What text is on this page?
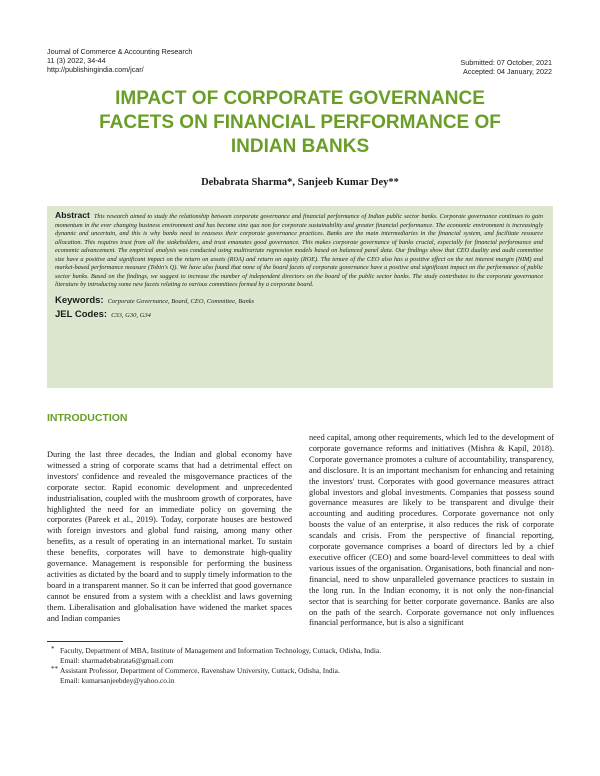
Journal of Commerce & Accounting Research
11 (3) 2022, 34-44
http://publishingindia.com/jcar/
Submitted: 07 October, 2021
Accepted: 04 January, 2022
IMPACT OF CORPORATE GOVERNANCE
FACETS ON FINANCIAL PERFORMANCE OF
INDIAN BANKS
Debabrata Sharma*, Sanjeeb Kumar Dey**
Abstract This research aimed to study the relationship between corporate governance and financial performance of Indian public sector banks. Corporate governance continues to gain momentum in the ever changing business environment and has become sine qua non for corporate sustainability and greater financial performance. The economic environment is increasingly dynamic and uncertain, and this is why banks need to reassess their corporate governance practices. Banks are the main intermediaries in the financial system, and facilitate resource allocation. This requires trust from all the stakeholders, and trust emanates good governance. This makes corporate governance of banks crucial, especially for financial performance and economic advancement. The empirical analysis was conducted using multivariate regression models based on balanced panel data. Our findings show that CEO duality and audit committee size have a positive and significant impact on the return on assets (ROA) and return on equity (ROE). The tenure of the CEO also has a positive effect on the net interest margin (NIM) and market-based performance measure (Tobin's Q). We have also found that none of the board facets of corporate governance have a positive and significant impact on the performance of public sector banks. Based on the findings, we suggest to increase the number of independent directors on the board of the public sector banks. The study contributes to the corporate governance literature by introducing some new facets relating to various committees formed by a corporate board.
Keywords: Corporate Governance, Board, CEO, Committee, Banks
JEL Codes: C33, G30, G34
INTRODUCTION
During the last three decades, the Indian and global economy have witnessed a string of corporate scams that had a detrimental effect on investors' confidence and revealed the misgovernance practices of the corporate sector. Rapid economic development and unprecedented industrialisation, coupled with the mushroom growth of corporates, have highlighted the need for an immediate policy on governing the corporates (Pareek et al., 2019). Today, corporate houses are bestowed with foreign investors and global fund raising, among many other benefits, as a result of operating in an international market. To sustain these benefits, corporates will have to demonstrate high-quality governance. Management is responsible for performing the business activities as dictated by the board and to supply timely information to the board in a transparent manner. So it can be inferred that good governance cannot be ensured from a system with a checklist and laws governing them. Liberalisation and globalisation have widened the market spaces and Indian companies
need capital, among other requirements, which led to the development of corporate governance reforms and initiatives (Mishra & Kapil, 2018). Corporate governance promotes a culture of accountability, transparency, and disclosure. It is an important mechanism for enhancing and retaining the investors' trust. Corporates with good governance measures attract global investors and global investments. Companies that possess sound governance measures are likely to be transparent and divulge their accounting and auditing procedures. Corporate governance not only boosts the value of an enterprise, it also reduces the risk of corporate scandals and crisis. From the perspective of financial reporting, corporate governance comprises a board of directors led by a chief executive officer (CEO) and some board-level committees to deal with various issues of the organisation. Organisations, both financial and non-financial, need to show unparalleled governance practices to sustain in the long run. In the Indian economy, it is not only the non-financial sector that is searching for better corporate governance. Banks are also on the path of the search. Corporate governance not only influences financial performance, but is also a significant
* Faculty, Department of MBA, Institute of Management and Information Technology, Cuttack, Odisha, India.
Email: sharmadebabrata6@gmail.com
** Assistant Professor, Department of Commerce, Ravenshaw University, Cuttack, Odisha, India.
Email: kumarsanjeebdey@yahoo.co.in
